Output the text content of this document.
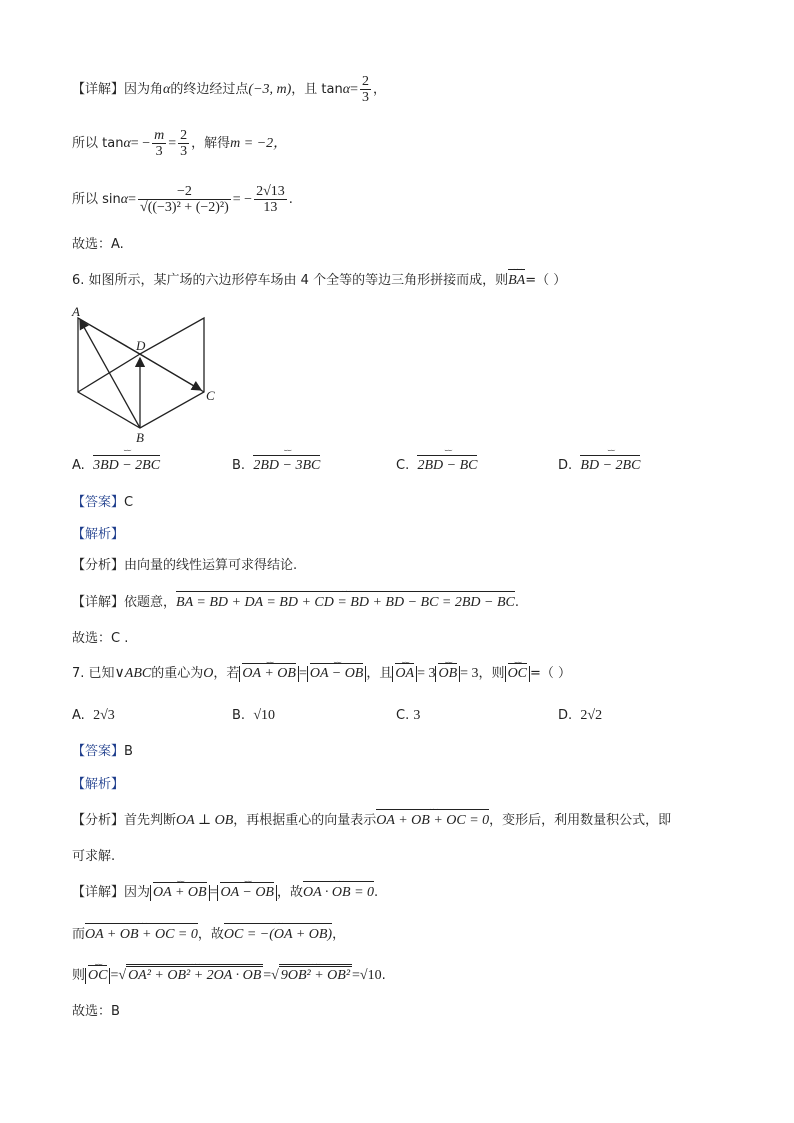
【详解】因为角α的终边经过点(−3, m)，且 $\tan\alpha= \frac{2}{3}$ ，
所以 $\tan\alpha= - \frac{m}{3} = \frac{2}{3}$ ，解得m = −2，
所以 $\sin\alpha= \frac{-2}{\text{√((−3)² + (−2)²)}}$ = − $\frac{2√13}{13}$ .
故选：A.
6. 如图所示，某广场的六边形停车场由 4 个全等的等边三角形拼接而成，则BA ⌣⌣=（ ）
A
B
C
D
A. 3BD − 2BC ⌣⌣	B. 2BD − 3BC ⌣⌣	C. 2BD − BC ⌣⌣	D. BD − 2BC ⌣⌣
【答案】C
【解析】
【分析】由向量的线性运算可求得结论.
【详解】依题意，BA = BD + DA = BD + CD = BD + BD − BC = 2BD − BC ⌣⌣.
故选：C .
7. 已知∨ABC的重心为O，若 OA + OB ⌣⌣ = OA − OB ⌣⌣ ，且 OA ⌣⌣ = 3 OB ⌣⌣ = 3，则 OC ⌣⌣ =（ ）
A. 2√3	B. √10	C. 3	D. 2√2
【答案】B
【解析】
【分析】首先判断OA ⊥ OB，再根据重心的向量表示OA + OB + OC = 0 ⌣⌣，变形后，利用数量积公式，即
可求解.
【详解】因为 OA + OB ⌣⌣ = OA − OB ⌣⌣ ，故OA · OB = 0 ⌣⌣.
而OA + OB + OC = 0 ⌣⌣，故OC = −(OA + OB) ⌣⌣，
则 OC ⌣⌣ =√ OA² + OB² + 2OA · OB ⌣⌣ =√ 9OB² + OB² ⌣⌣ =√10.
故选：B
